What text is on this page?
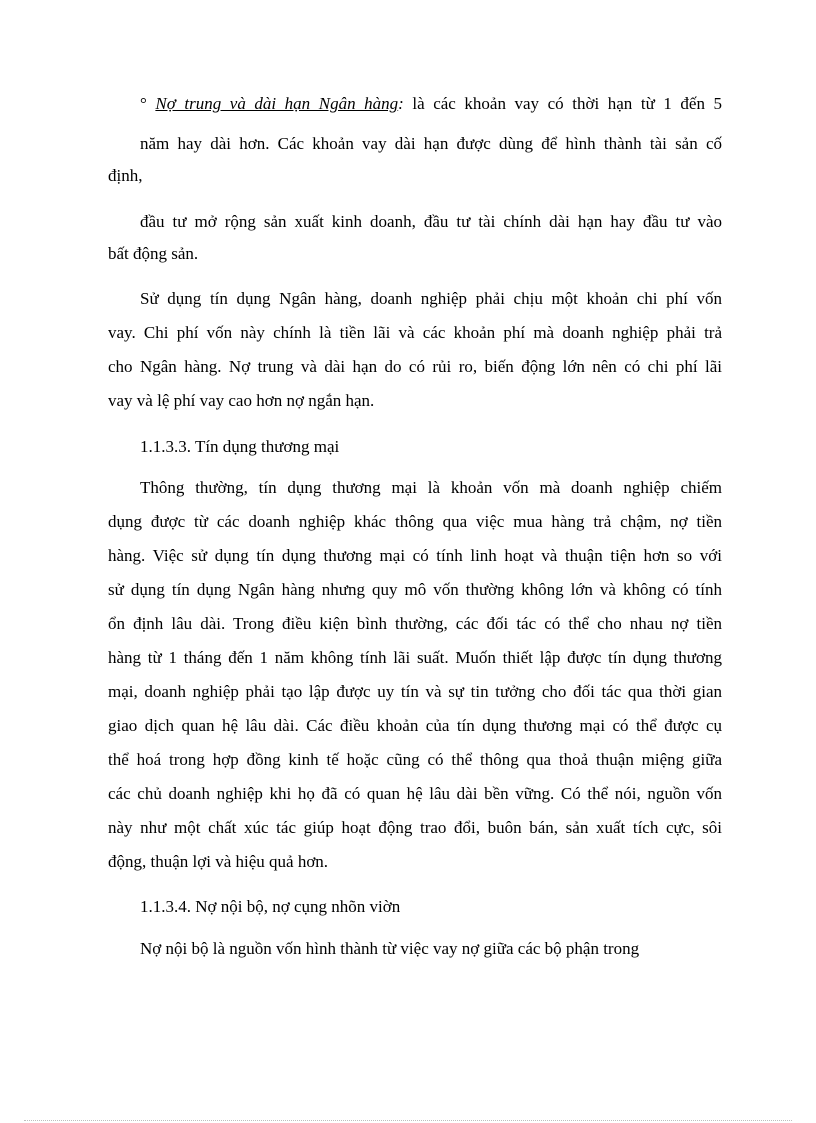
° Nợ trung và dài hạn Ngân hàng: là các khoản vay có thời hạn từ 1 đến 5
năm hay dài hơn. Các khoản vay dài hạn được dùng để hình thành tài sản cố
định,
đầu tư mở rộng sản xuất kinh doanh, đầu tư tài chính dài hạn hay đầu tư vào
bất động sản.
Sử dụng tín dụng Ngân hàng, doanh nghiệp phải chịu một khoản chi phí vốn
vay. Chi phí vốn này chính là tiền lãi và các khoản phí mà doanh nghiệp phải trả
cho Ngân hàng. Nợ trung và dài hạn do có rủi ro, biến động lớn nên có chi phí lãi
vay và lệ phí vay cao hơn nợ ngắn hạn.
1.1.3.3. Tín dụng thương mại
Thông thường, tín dụng thương mại là khoản vốn mà doanh nghiệp chiếm
dụng được từ các doanh nghiệp khác thông qua việc mua hàng trả chậm, nợ tiền
hàng. Việc sử dụng tín dụng thương mại có tính linh hoạt và thuận tiện hơn so với
sử dụng tín dụng Ngân hàng nhưng quy mô vốn thường không lớn và không có tính
ổn định lâu dài. Trong điều kiện bình thường, các đối tác có thể cho nhau nợ tiền
hàng từ 1 tháng đến 1 năm không tính lãi suất. Muốn thiết lập được tín dụng thương
mại, doanh nghiệp phải tạo lập được uy tín và sự tin tưởng cho đối tác qua thời gian
giao dịch quan hệ lâu dài. Các điều khoản của tín dụng thương mại có thể được cụ
thể hoá trong hợp đồng kinh tế hoặc cũng có thể thông qua thoả thuận miệng giữa
các chủ doanh nghiệp khi họ đã có quan hệ lâu dài bền vững. Có thể nói, nguồn vốn
này như một chất xúc tác giúp hoạt động trao đổi, buôn bán, sản xuất tích cực, sôi
động, thuận lợi và hiệu quả hơn.
1.1.3.4. Nợ nội bộ, nợ cụng nhõn viờn
Nợ nội bộ là nguồn vốn hình thành từ việc vay nợ giữa các bộ phận trong
